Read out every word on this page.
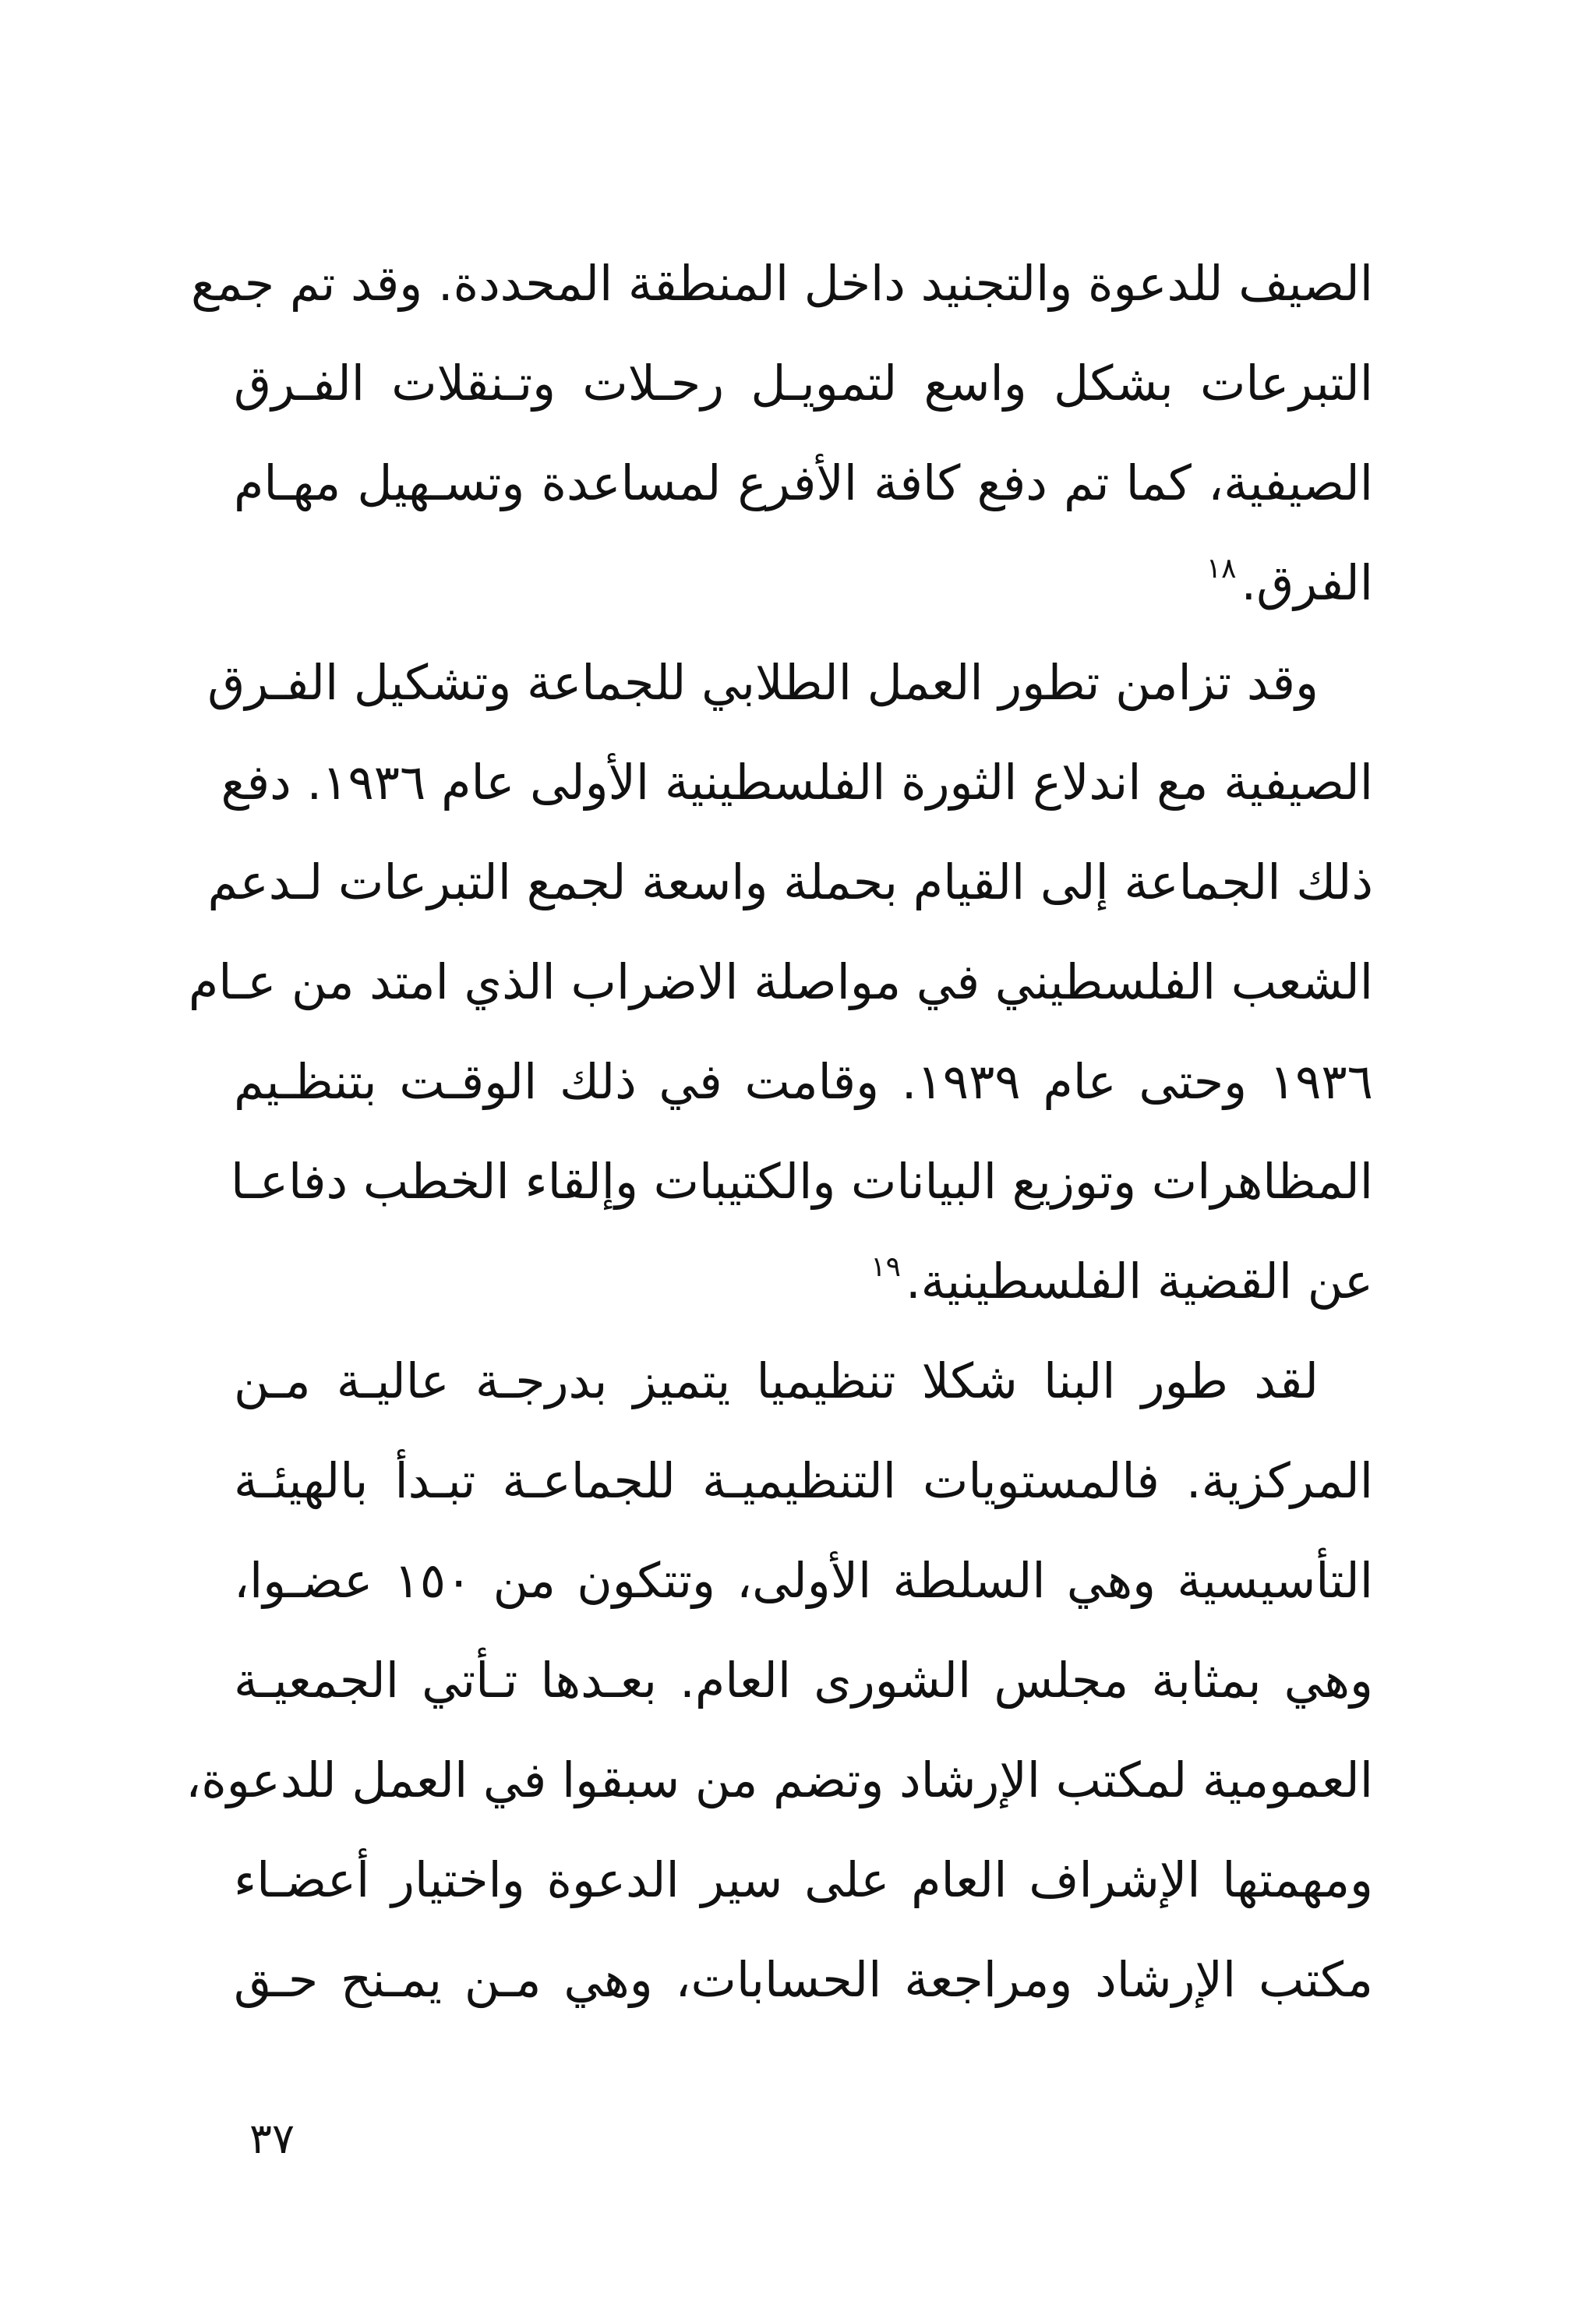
الصيف للدعوة والتجنيد داخل المنطقة المحددة. وقد تم جمع
التبرعات بشكل واسع لتمويـل رحـلات وتـنقلات الفـرق
الصيفية، كما تم دفع كافة الأفرع لمساعدة وتسـهيل مهـام
الفرق.$^{١٨}$
وقد تزامن تطور العمل الطلابي للجماعة وتشكيل الفـرق
الصيفية مع اندلاع الثورة الفلسطينية الأولى عام ١٩٣٦. دفع
ذلك الجماعة إلى القيام بحملة واسعة لجمع التبرعات لـدعم
الشعب الفلسطيني في مواصلة الاضراب الذي امتد من عـام
١٩٣٦ وحتى عام ١٩٣٩. وقامت في ذلك الوقـت بتنظـيم
المظاهرات وتوزيع البيانات والكتيبات وإلقاء الخطب دفاعـا
عن القضية الفلسطينية.$^{١٩}$
لقد طور البنا شكلا تنظيميا يتميز بدرجـة عاليـة مـن
المركزية. فالمستويات التنظيميـة للجماعـة تبـدأ بالهيئـة
التأسيسية وهي السلطة الأولى، وتتكون من ١٥٠ عضـوا،
وهي بمثابة مجلس الشورى العام. بعـدها تـأتي الجمعيـة
العمومية لمكتب الإرشاد وتضم من سبقوا في العمل للدعوة،
ومهمتها الإشراف العام على سير الدعوة واختيار أعضـاء
مكتب الإرشاد ومراجعة الحسابات، وهي مـن يمـنح حـق
٣٧
